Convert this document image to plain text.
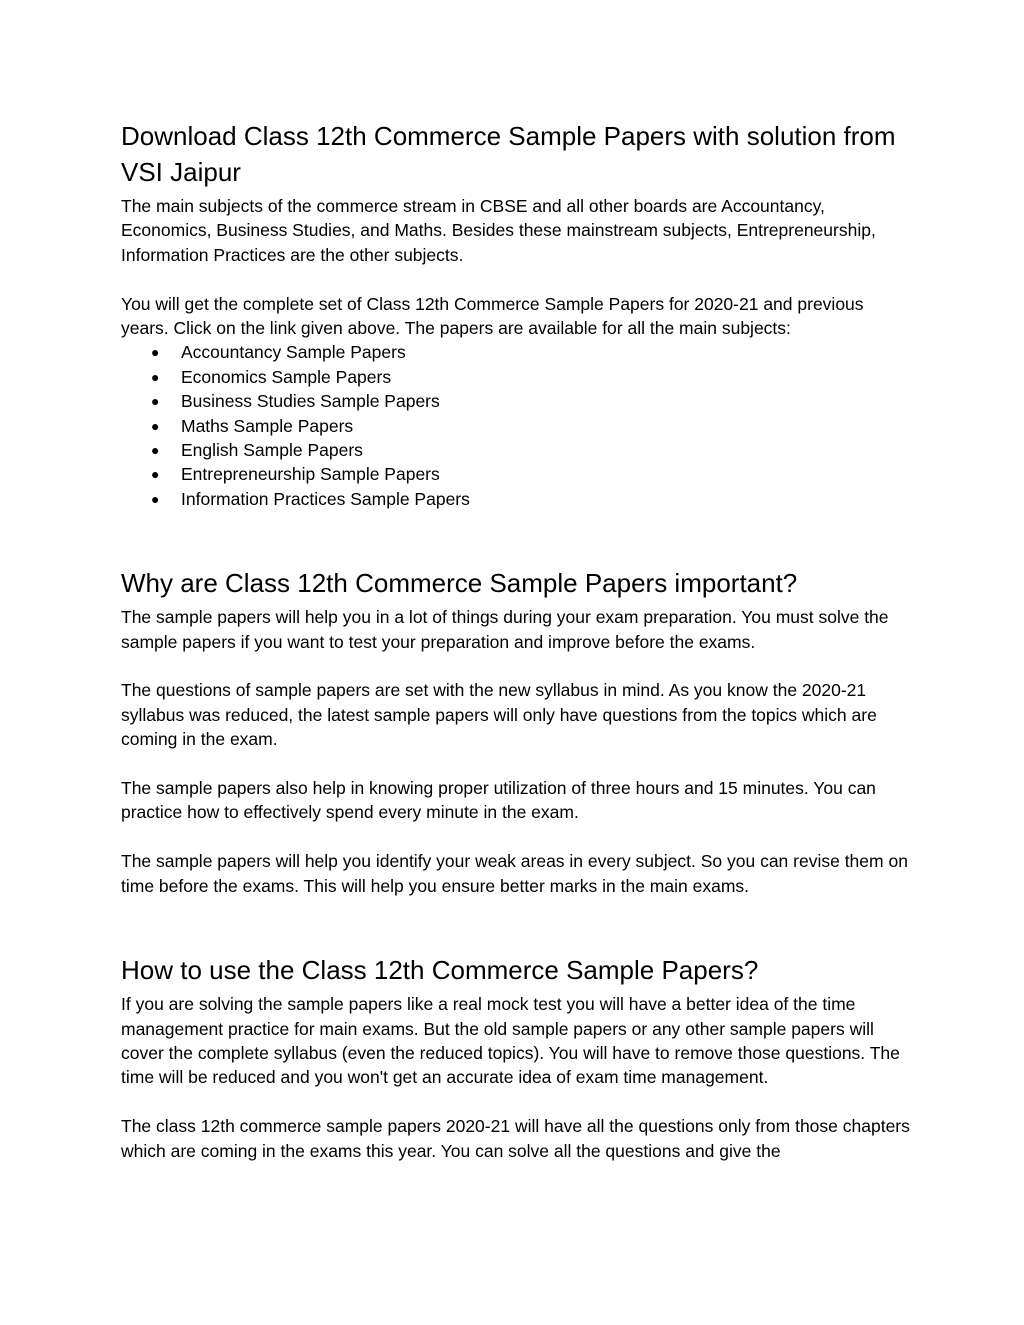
Download Class 12th Commerce Sample Papers with solution from VSI Jaipur

The main subjects of the commerce stream in CBSE and all other boards are Accountancy, Economics, Business Studies, and Maths. Besides these mainstream subjects, Entrepreneurship, Information Practices are the other subjects.

You will get the complete set of Class 12th Commerce Sample Papers for 2020-21 and previous years. Click on the link given above. The papers are available for all the main subjects:

● Accountancy Sample Papers
● Economics Sample Papers
● Business Studies Sample Papers
● Maths Sample Papers
● English Sample Papers
● Entrepreneurship Sample Papers
● Information Practices Sample Papers
Why are Class 12th Commerce Sample Papers important?

The sample papers will help you in a lot of things during your exam preparation. You must solve the sample papers if you want to test your preparation and improve before the exams.

The questions of sample papers are set with the new syllabus in mind. As you know the 2020-21 syllabus was reduced, the latest sample papers will only have questions from the topics which are coming in the exam.

The sample papers also help in knowing proper utilization of three hours and 15 minutes. You can practice how to effectively spend every minute in the exam.

The sample papers will help you identify your weak areas in every subject. So you can revise them on time before the exams. This will help you ensure better marks in the main exams.

How to use the Class 12th Commerce Sample Papers?

If you are solving the sample papers like a real mock test you will have a better idea of the time management practice for main exams. But the old sample papers or any other sample papers will cover the complete syllabus (even the reduced topics). You will have to remove those questions. The time will be reduced and you won't get an accurate idea of exam time management.

The class 12th commerce sample papers 2020-21 will have all the questions only from those chapters which are coming in the exams this year. You can solve all the questions and give the
